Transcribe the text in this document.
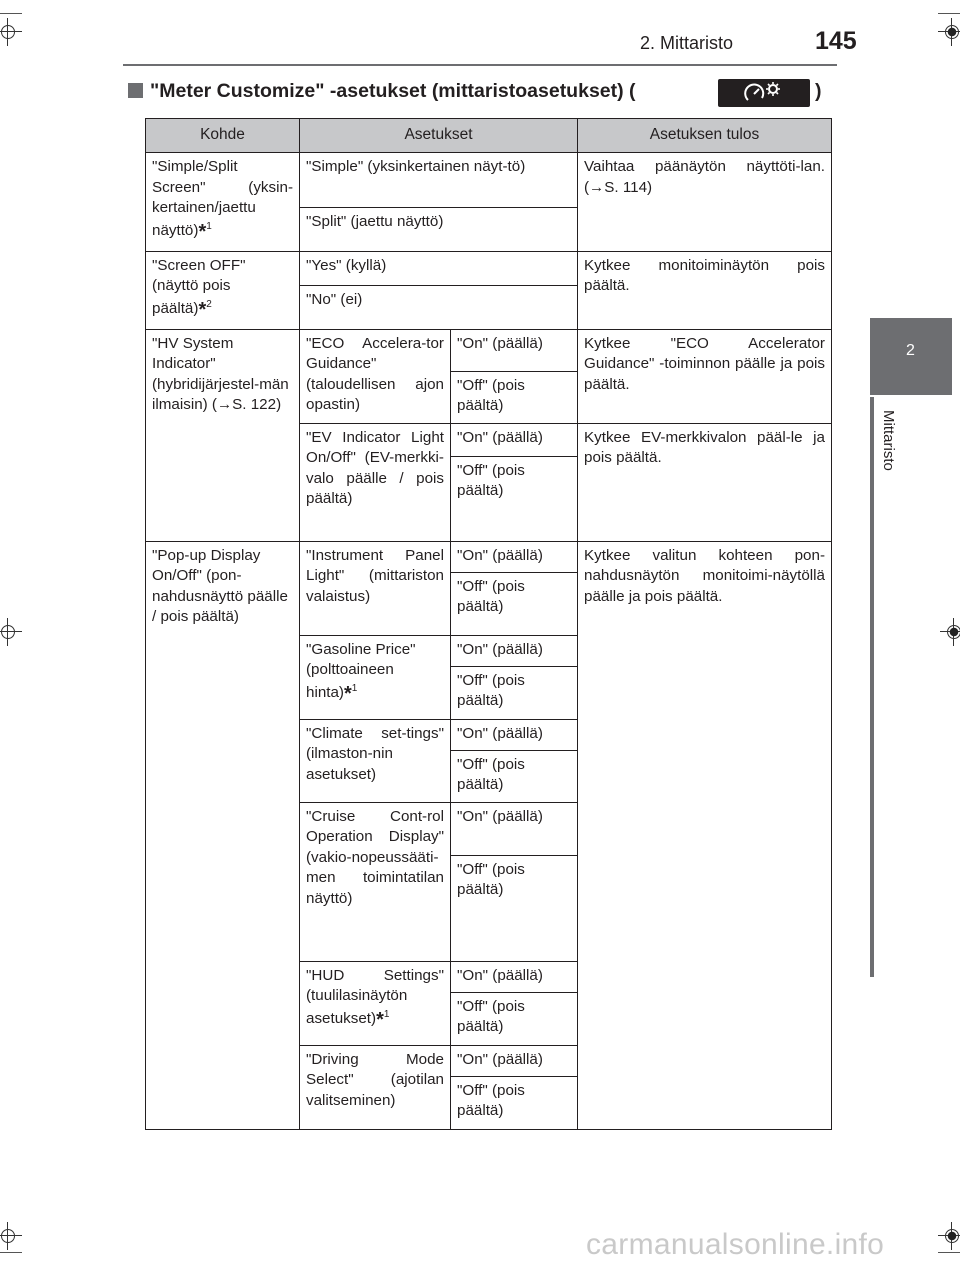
2. Mittaristo	145
2
Mittaristo
"Meter Customize" -asetukset (mittaristoasetukset) (	)
Kohde	Asetukset		Asetuksen tulos
"Simple/Split Screen" (yksin-kertainen/jaettu näyttö)*$^1$	"Simple" (yksinkertainen näyt-tö)		Vaihtaa päänäytön näyttöti-lan. (→S. 114)
	"Split" (jaettu näyttö)		
"Screen OFF" (näyttö pois päältä)*$^2$	"Yes" (kyllä)		Kytkee monitoiminäytön pois päältä.
	"No" (ei)		
"HV System Indicator" (hybridijärjestel-män ilmaisin) (→S. 122)	"ECO Accelera-tor Guidance" (taloudellisen ajon opastin)	"On" (päällä)	Kytkee "ECO Accelerator Guidance" -toiminnon päälle ja pois päältä.
		"Off" (pois päältä)	
	"EV Indicator Light On/Off" (EV-merkki-valo päälle / pois päältä)	"On" (päällä)	Kytkee EV-merkkivalon pääl-le ja pois päältä.
		"Off" (pois päältä)	
"Pop-up Display On/Off" (pon-nahdusnäyttö päälle / pois päältä)	"Instrument Panel Light" (mittariston valaistus)	"On" (päällä)	Kytkee valitun kohteen pon-nahdusnäytön monitoimi-näytöllä päälle ja pois päältä.
		"Off" (pois päältä)	
	"Gasoline Price" (polttoaineen hinta)*$^1$	"On" (päällä)	
		"Off" (pois päältä)	
	"Climate set-tings" (ilmaston-nin asetukset)	"On" (päällä)	
		"Off" (pois päältä)	
	"Cruise Cont-rol Operation Display" (vakio-nopeussääti-men toimintatilan näyttö)	"On" (päällä)	
		"Off" (pois päältä)	
	"HUD Settings" (tuulilasinäytön asetukset)*$^1$	"On" (päällä)	
		"Off" (pois päältä)	
	"Driving Mode Select" (ajotilan valitseminen)	"On" (päällä)	
		"Off" (pois päältä)	
carmanualsonline.info
